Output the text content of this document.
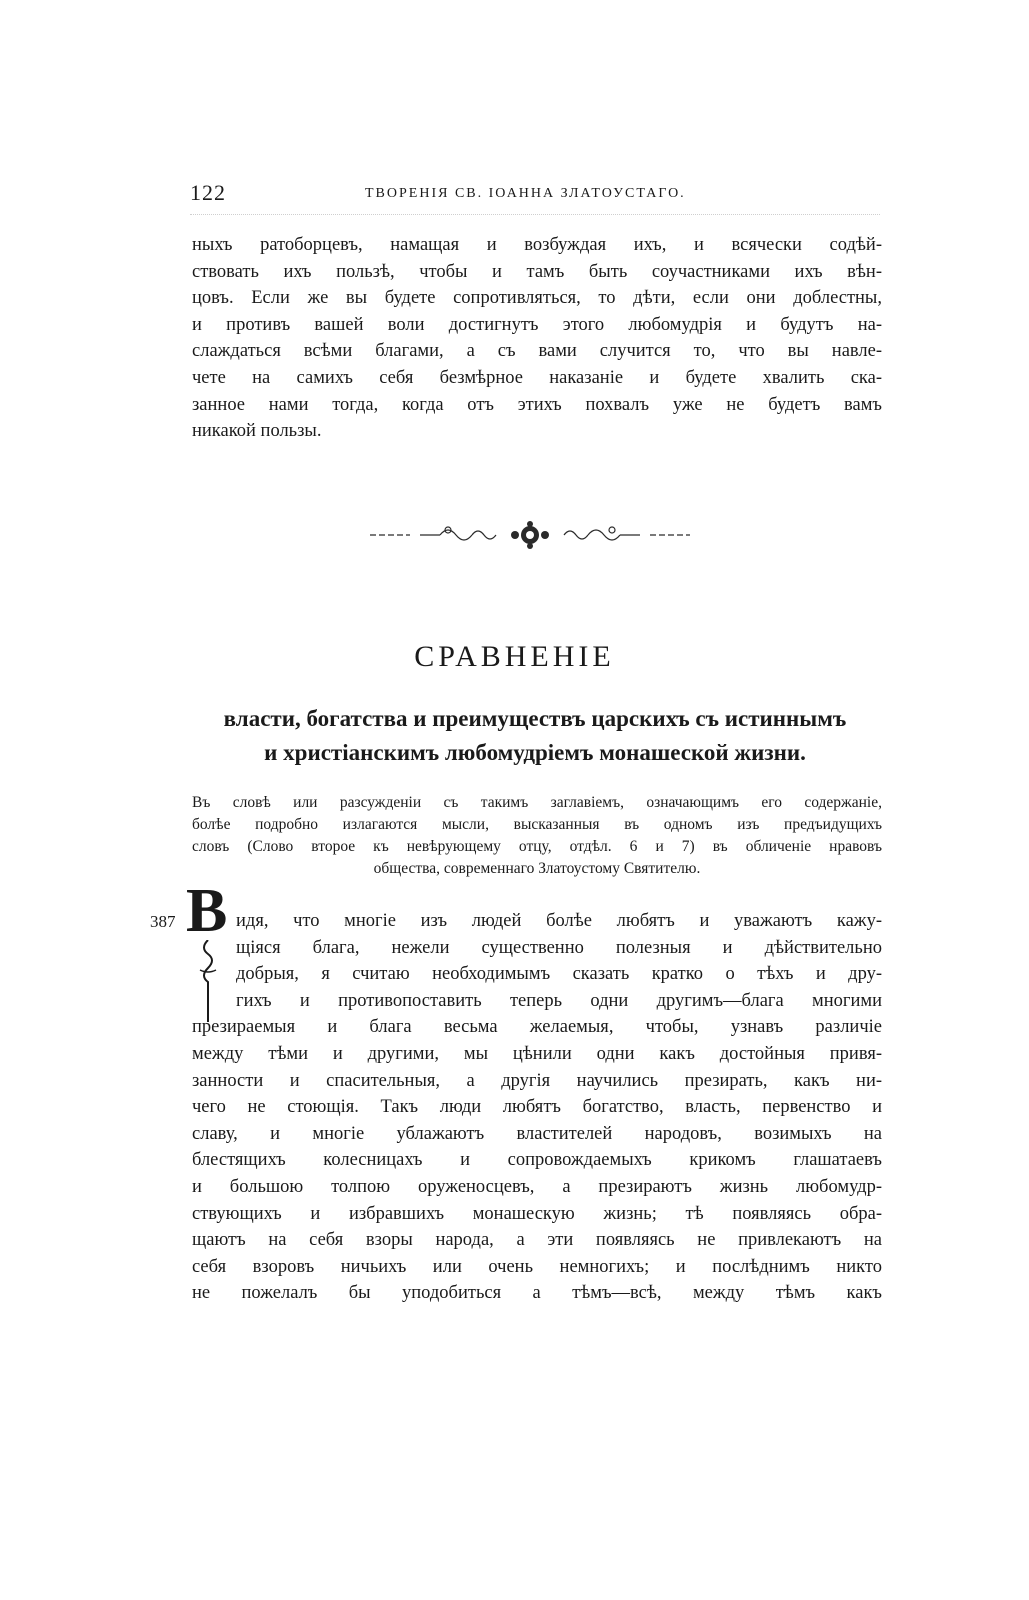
122	ТВОРЕНІЯ СВ. ІОАННА ЗЛАТОУСТАГО.
ныхъ ратоборцевъ, намащая и возбуждая ихъ, и всячески содѣй-
ствовать ихъ пользѣ, чтобы и тамъ быть соучастниками ихъ вѣн-
цовъ. Если же вы будете сопротивляться, то дѣти, если они доблестны,
и противъ вашей воли достигнутъ этого любомудрія и будутъ на-
слаждаться всѣми благами, а съ вами случится то, что вы навле-
чете на самихъ себя безмѣрное наказаніе и будете хвалить ска-
занное нами тогда, когда отъ этихъ похвалъ уже не будетъ вамъ
никакой пользы.
СРАВНЕНІЕ
власти, богатства и преимуществъ царскихъ съ истиннымъ
и христіанскимъ любомудріемъ монашеской жизни.
Въ словѣ или разсужденіи съ такимъ заглавіемъ, означающимъ его содержаніе,
болѣе подробно излагаются мысли, высказанныя въ одномъ изъ предъидущихъ
словъ (Слово второе къ невѣрующему отцу, отдѣл. 6 и 7) въ обличеніе нравовъ
общества, современнаго Златоустому Святителю.
387 В идя, что многіе изъ людей болѣе любятъ и уважаютъ кажу-
щіяся блага, нежели существенно полезныя и дѣйствительно
добрыя, я считаю необходимымъ сказать кратко о тѣхъ и дру-
гихъ и противопоставить теперь одни другимъ—блага многими
презираемыя и блага весьма желаемыя, чтобы, узнавъ различіе
между тѣми и другими, мы цѣнили одни какъ достойныя привя-
занности и спасительныя, а другія научились презирать, какъ ни-
чего не стоющія. Такъ люди любятъ богатство, власть, первенство и
славу, и многіе ублажаютъ властителей народовъ, возимыхъ на
блестящихъ колесницахъ и сопровождаемыхъ крикомъ глашатаевъ
и большою толпою оруженосцевъ, а презираютъ жизнь любомудр-
ствующихъ и избравшихъ монашескую жизнь; тѣ появляясь обра-
щаютъ на себя взоры народа, а эти появляясь не привлекаютъ на
себя взоровъ ничьихъ или очень немногихъ; и послѣднимъ никто
не пожелалъ бы уподобиться а тѣмъ—всѣ, между тѣмъ какъ
